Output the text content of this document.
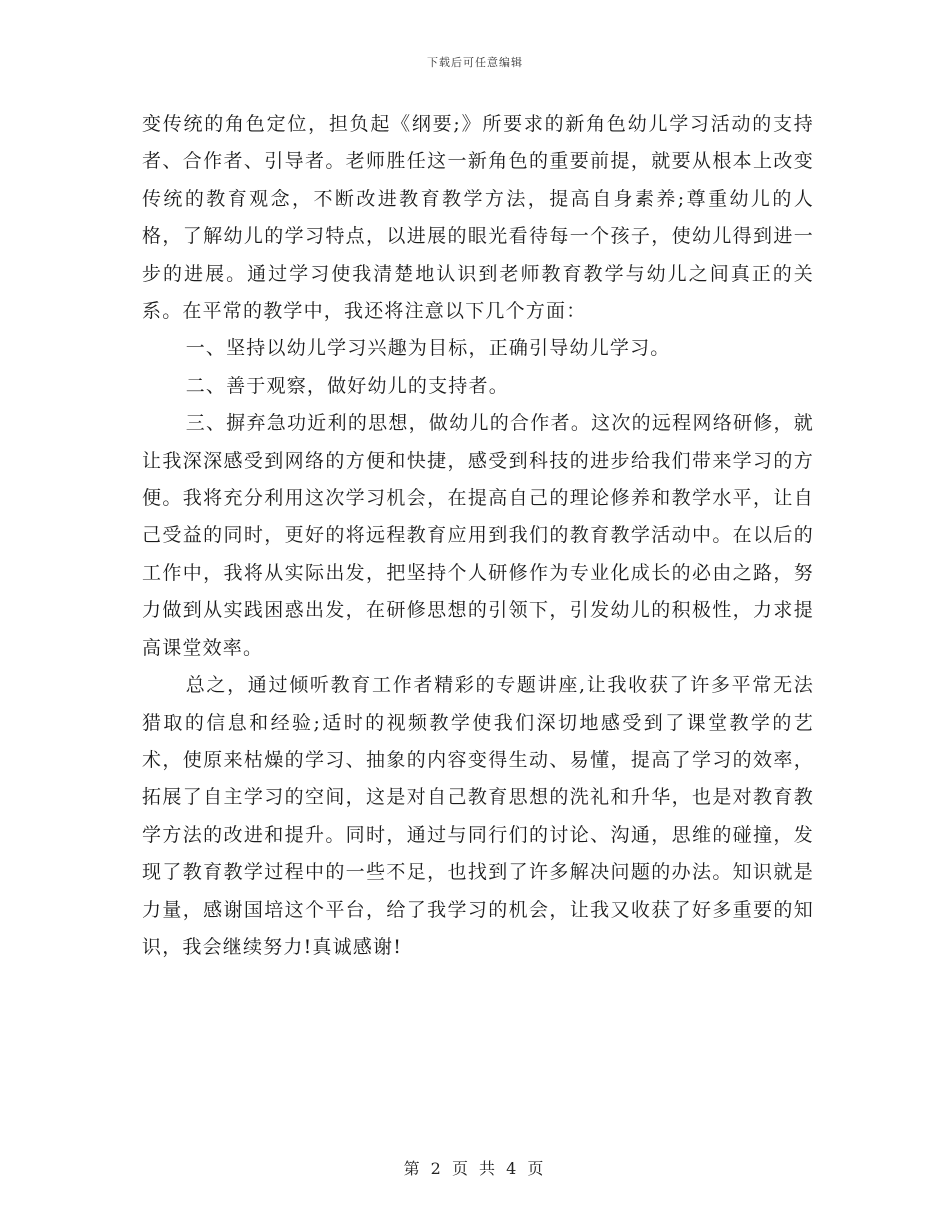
下载后可任意编辑

变传统的角色定位，担负起《纲要;》所要求的新角色幼儿学习活动的支持者、合作者、引导者。老师胜任这一新角色的重要前提，就要从根本上改变传统的教育观念，不断改进教育教学方法，提高自身素养;尊重幼儿的人格，了解幼儿的学习特点，以进展的眼光看待每一个孩子，使幼儿得到进一步的进展。通过学习使我清楚地认识到老师教育教学与幼儿之间真正的关系。在平常的教学中，我还将注意以下几个方面：

一、坚持以幼儿学习兴趣为目标，正确引导幼儿学习。

二、善于观察，做好幼儿的支持者。

三、摒弃急功近利的思想，做幼儿的合作者。这次的远程网络研修，就让我深深感受到网络的方便和快捷，感受到科技的进步给我们带来学习的方便。我将充分利用这次学习机会，在提高自己的理论修养和教学水平，让自己受益的同时，更好的将远程教育应用到我们的教育教学活动中。在以后的工作中，我将从实际出发，把坚持个人研修作为专业化成长的必由之路，努力做到从实践困惑出发，在研修思想的引领下，引发幼儿的积极性，力求提高课堂效率。

总之，通过倾听教育工作者精彩的专题讲座,让我收获了许多平常无法猎取的信息和经验;适时的视频教学使我们深切地感受到了课堂教学的艺术，使原来枯燥的学习、抽象的内容变得生动、易懂，提高了学习的效率，拓展了自主学习的空间，这是对自己教育思想的洗礼和升华，也是对教育教学方法的改进和提升。同时，通过与同行们的讨论、沟通，思维的碰撞，发现了教育教学过程中的一些不足，也找到了许多解决问题的办法。知识就是力量，感谢国培这个平台，给了我学习的机会，让我又收获了好多重要的知识，我会继续努力!真诚感谢!

第 2 页 共 4 页
